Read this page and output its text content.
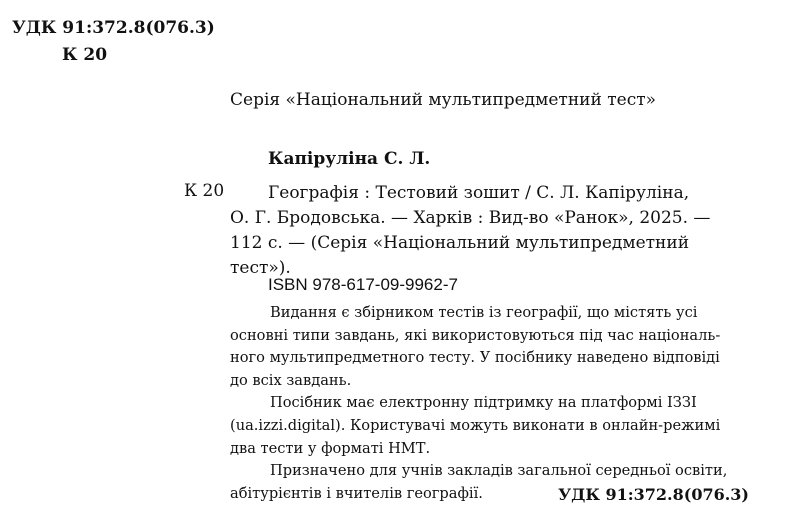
УДК 91:372.8(076.3)
К 20
Серія «Національний мультипредметний тест»
Капіруліна С. Л.
К 20	Географія : Тестовий зошит / С. Л. Капіруліна,
О. Г. Бродовська. — Харків : Вид-во «Ранок», 2025. —
112 с. — (Серія «Національний мультипредметний
тест»).
ISBN 978-617-09-9962-7
Видання є збірником тестів із географії, що містять усі
основні типи завдань, які використовуються під час національ-
ного мультипредметного тесту. У посібнику наведено відповіді
до всіх завдань.
Посібник має електронну підтримку на платформі IЗЗI
(ua.izzi.digital). Користувачі можуть виконати в онлайн-режимі
два тести у форматі НМТ.
Призначено для учнів закладів загальної середньої освіти,
абітурієнтів і вчителів географії.	УДК 91:372.8(076.3)
